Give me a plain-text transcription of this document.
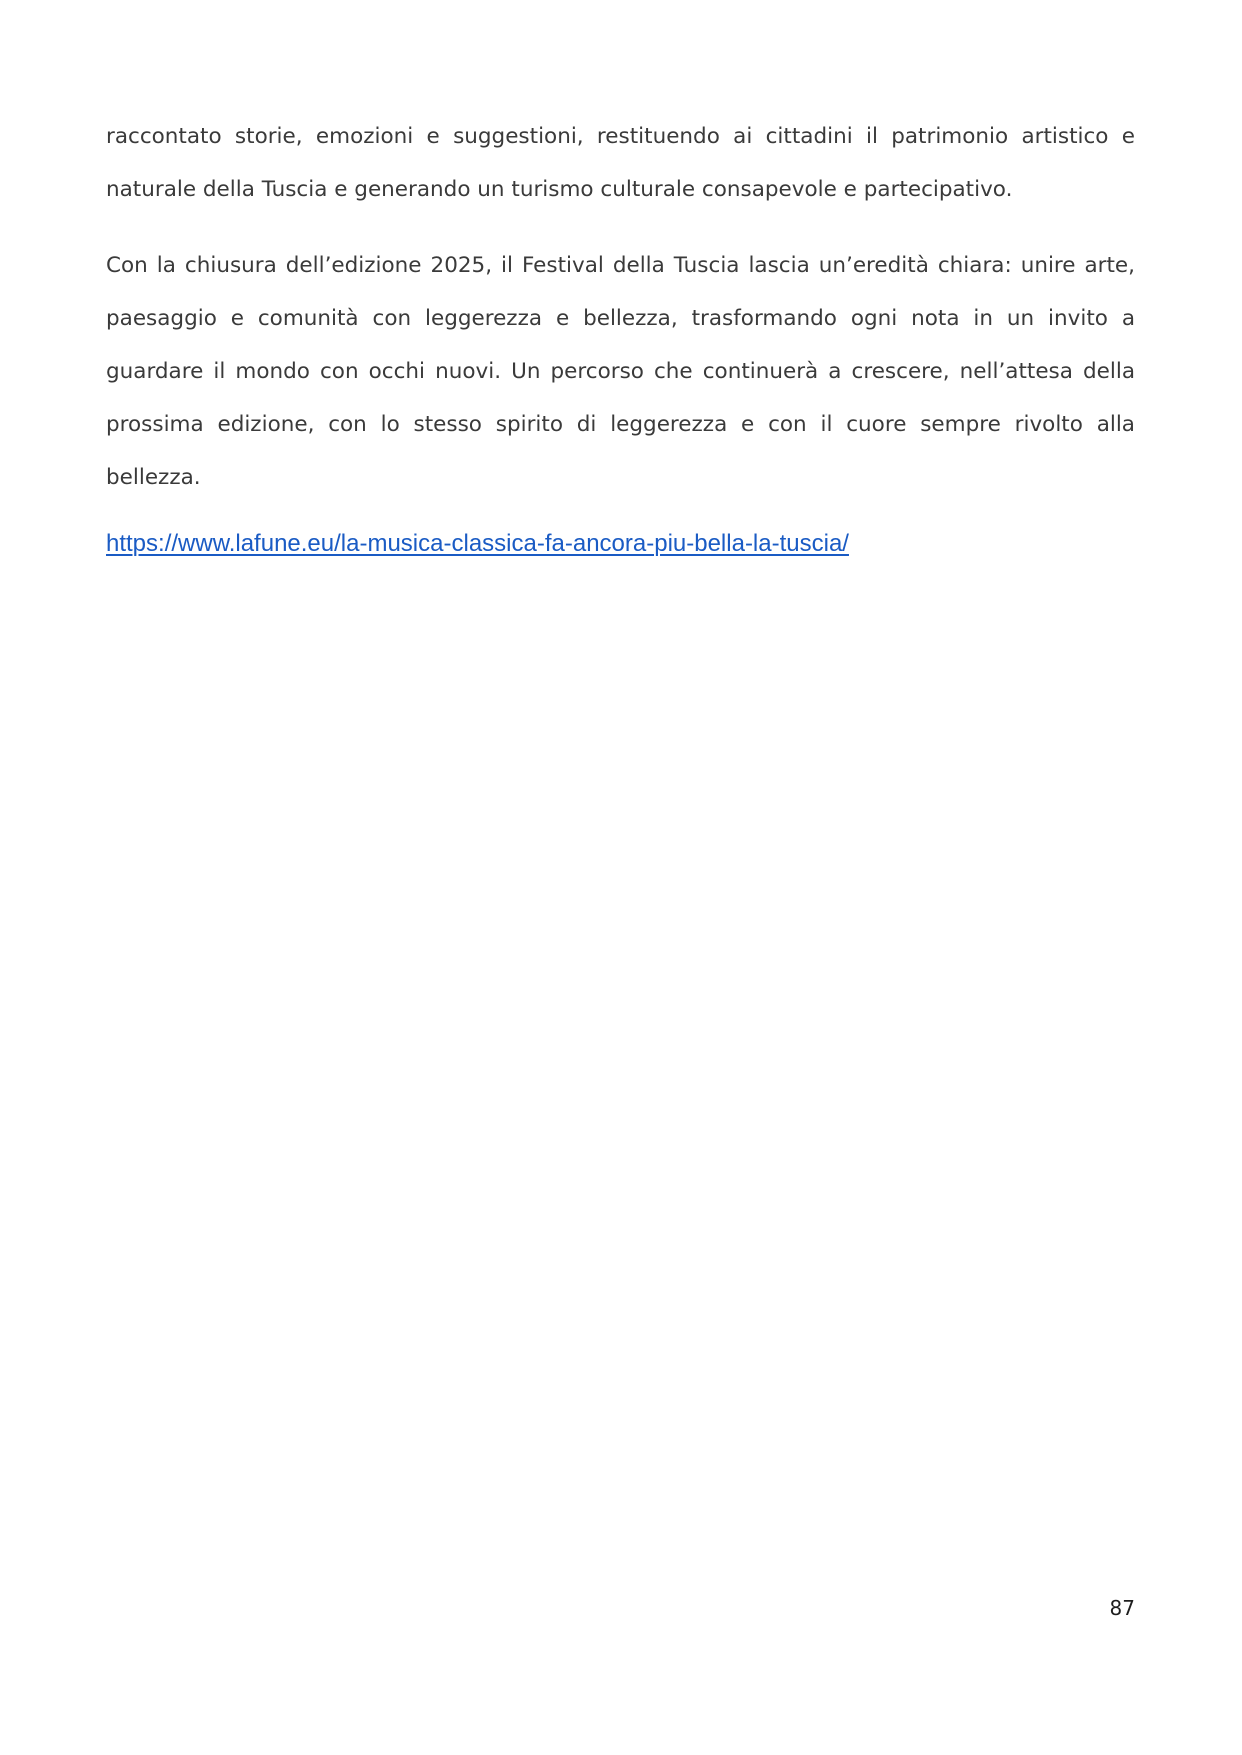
raccontato storie, emozioni e suggestioni, restituendo ai cittadini il patrimonio artistico e naturale della Tuscia e generando un turismo culturale consapevole e partecipativo.

Con la chiusura dell’edizione 2025, il Festival della Tuscia lascia un’eredità chiara: unire arte, paesaggio e comunità con leggerezza e bellezza, trasformando ogni nota in un invito a guardare il mondo con occhi nuovi. Un percorso che continuerà a crescere, nell’attesa della prossima edizione, con lo stesso spirito di leggerezza e con il cuore sempre rivolto alla bellezza.

https://www.lafune.eu/la-musica-classica-fa-ancora-piu-bella-la-tuscia/
87
